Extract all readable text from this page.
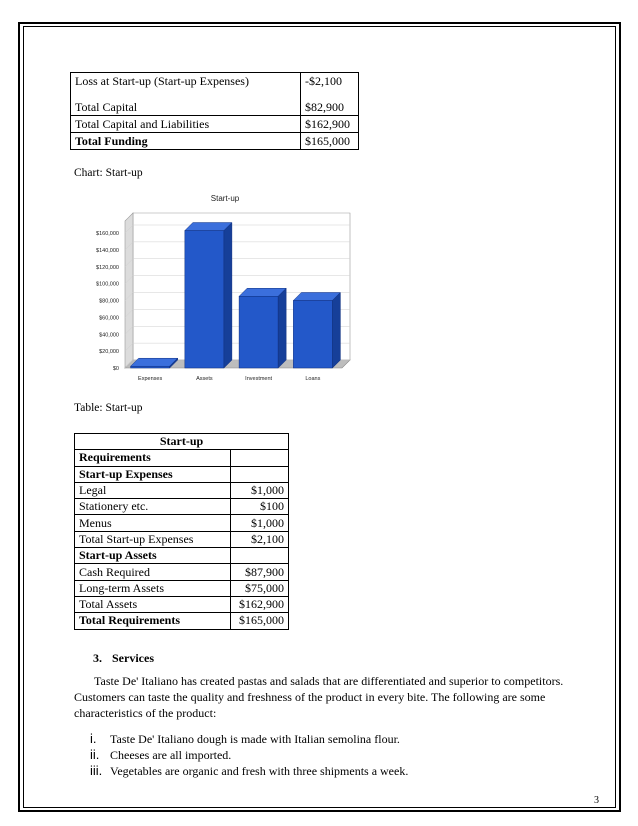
Loss at Start-up (Start-up Expenses)	-$2,100

Total Capital	$82,900
Total Capital and Liabilities	$162,900
Total Funding	$165,000
Chart: Start-up
Start-up
$0
$20,000
$40,000
$60,000
$80,000
$100,000
$120,000
$140,000
$160,000
Expenses	Assets	Investment	Loans
Table: Start-up
Start-up	
Requirements	
Start-up Expenses	
Legal	$1,000
Stationery etc.	$100
Menus	$1,000
Total Start-up Expenses	$2,100
Start-up Assets	
Cash Required	$87,900
Long-term Assets	$75,000
Total Assets	$162,900
Total Requirements	$165,000
3. Services

Taste De' Italiano has created pastas and salads that are differentiated and superior to competitors. Customers can taste the quality and freshness of the product in every bite. The following are some characteristics of the product:

i. Taste De' Italiano dough is made with Italian semolina flour.
ii. Cheeses are all imported.
iii. Vegetables are organic and fresh with three shipments a week.
3
